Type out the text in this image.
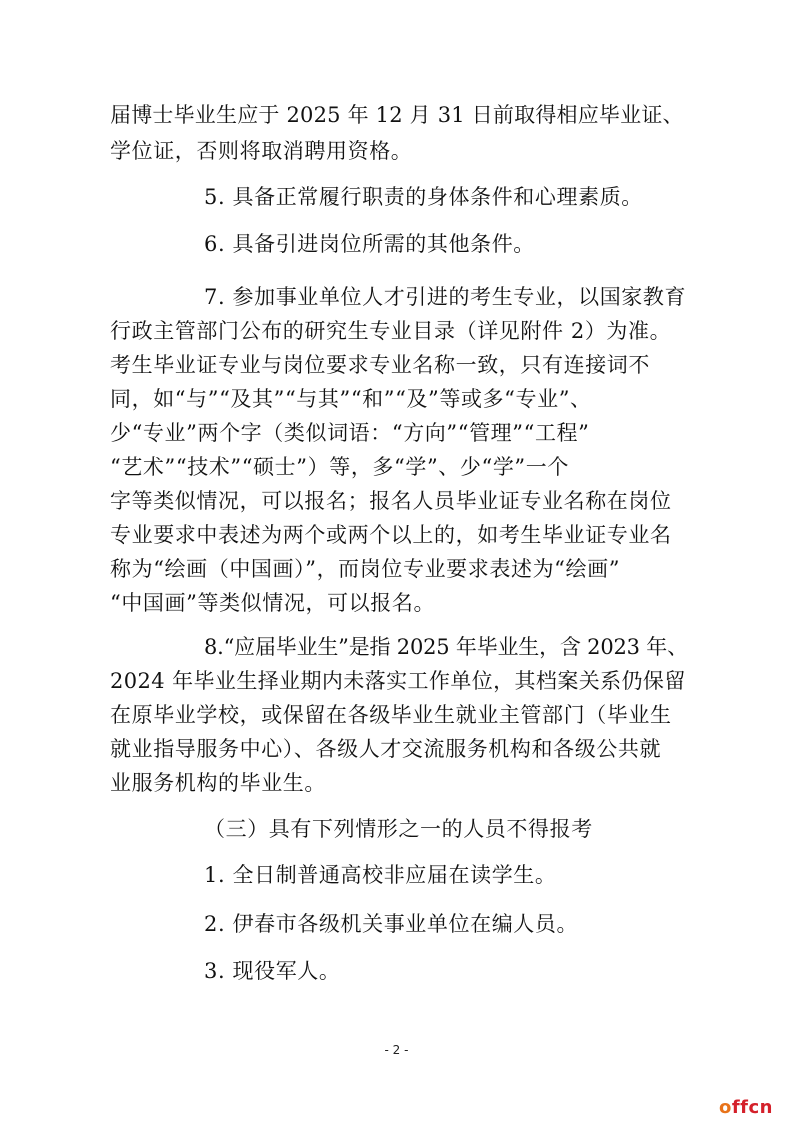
届博士毕业生应于 2025 年 12 月 31 日前取得相应毕业证、
学位证，否则将取消聘用资格。
5. 具备正常履行职责的身体条件和心理素质。
6. 具备引进岗位所需的其他条件。
7. 参加事业单位人才引进的考生专业，以国家教育
行政主管部门公布的研究生专业目录（详见附件 2）为准。
考生毕业证专业与岗位要求专业名称一致，只有连接词不
同，如“与”“及其”“与其”“和”“及”等或多“专业”、
少“专业”两个字（类似词语：“方向”“管理”“工程”
“艺术”“技术”“硕士”）等，多“学”、少“学”一个
字等类似情况，可以报名；报名人员毕业证专业名称在岗位
专业要求中表述为两个或两个以上的，如考生毕业证专业名
称为“绘画（中国画）”，而岗位专业要求表述为“绘画”
“中国画”等类似情况，可以报名。
8.“应届毕业生”是指 2025 年毕业生，含 2023 年、
2024 年毕业生择业期内未落实工作单位，其档案关系仍保留
在原毕业学校，或保留在各级毕业生就业主管部门（毕业生
就业指导服务中心）、各级人才交流服务机构和各级公共就
业服务机构的毕业生。
（三）具有下列情形之一的人员不得报考
1. 全日制普通高校非应届在读学生。
2. 伊春市各级机关事业单位在编人员。
3. 现役军人。
- 2 -
offcn
